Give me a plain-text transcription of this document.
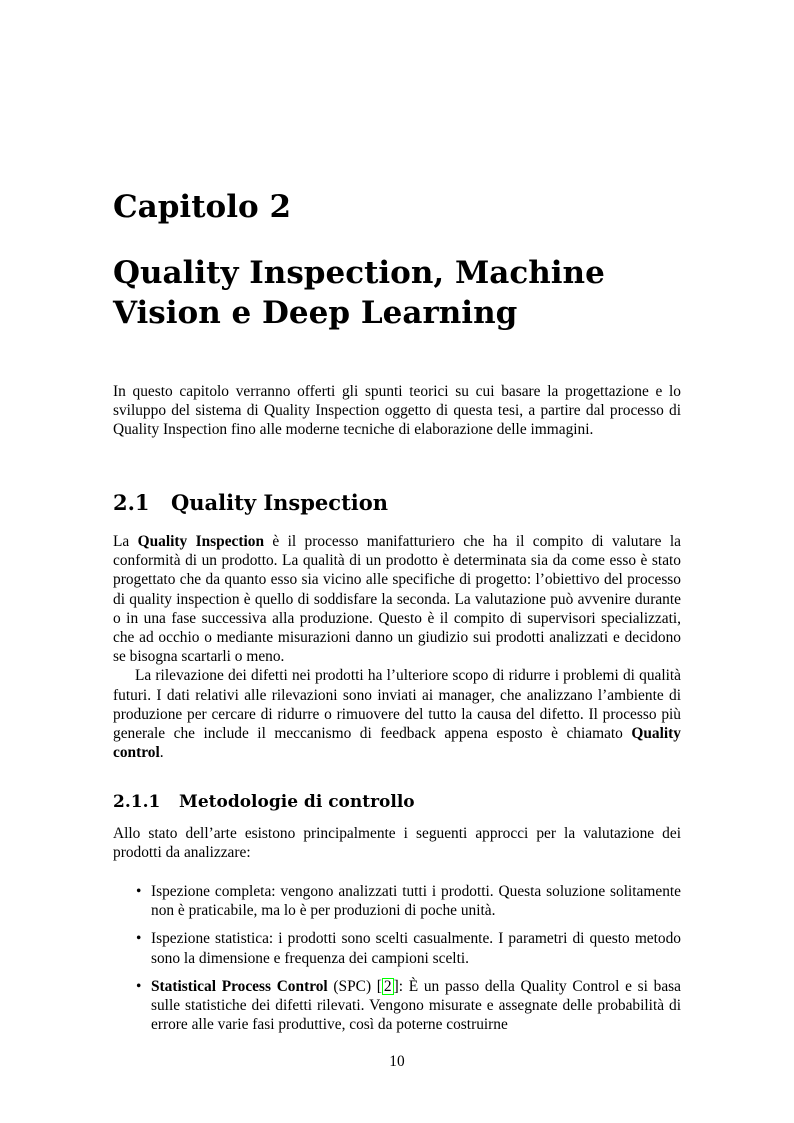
Capitolo 2
Quality Inspection, Machine Vision e Deep Learning

In questo capitolo verranno offerti gli spunti teorici su cui basare la progettazione e lo sviluppo del sistema di Quality Inspection oggetto di questa tesi, a partire dal processo di Quality Inspection fino alle moderne tecniche di elaborazione delle immagini.

2.1 Quality Inspection

La Quality Inspection è il processo manifatturiero che ha il compito di valutare la conformità di un prodotto. La qualità di un prodotto è determinata sia da come esso è stato progettato che da quanto esso sia vicino alle specifiche di progetto: l’obiettivo del processo di quality inspection è quello di soddisfare la seconda. La valutazione può avvenire durante o in una fase successiva alla produzione. Questo è il compito di supervisori specializzati, che ad occhio o mediante misurazioni danno un giudizio sui prodotti analizzati e decidono se bisogna scartarli o meno.

La rilevazione dei difetti nei prodotti ha l’ulteriore scopo di ridurre i problemi di qualità futuri. I dati relativi alle rilevazioni sono inviati ai manager, che analizzano l’ambiente di produzione per cercare di ridurre o rimuovere del tutto la causa del difetto. Il processo più generale che include il meccanismo di feedback appena esposto è chiamato Quality control.

2.1.1 Metodologie di controllo

Allo stato dell’arte esistono principalmente i seguenti approcci per la valutazione dei prodotti da analizzare:

• Ispezione completa: vengono analizzati tutti i prodotti. Questa soluzione solitamente non è praticabile, ma lo è per produzioni di poche unità.

• Ispezione statistica: i prodotti sono scelti casualmente. I parametri di questo metodo sono la dimensione e frequenza dei campioni scelti.

• Statistical Process Control (SPC) [ 2 ]: È un passo della Quality Control e si basa sulle statistiche dei difetti rilevati. Vengono misurate e assegnate delle probabilità di errore alle varie fasi produttive, così da poterne costruirne

10
